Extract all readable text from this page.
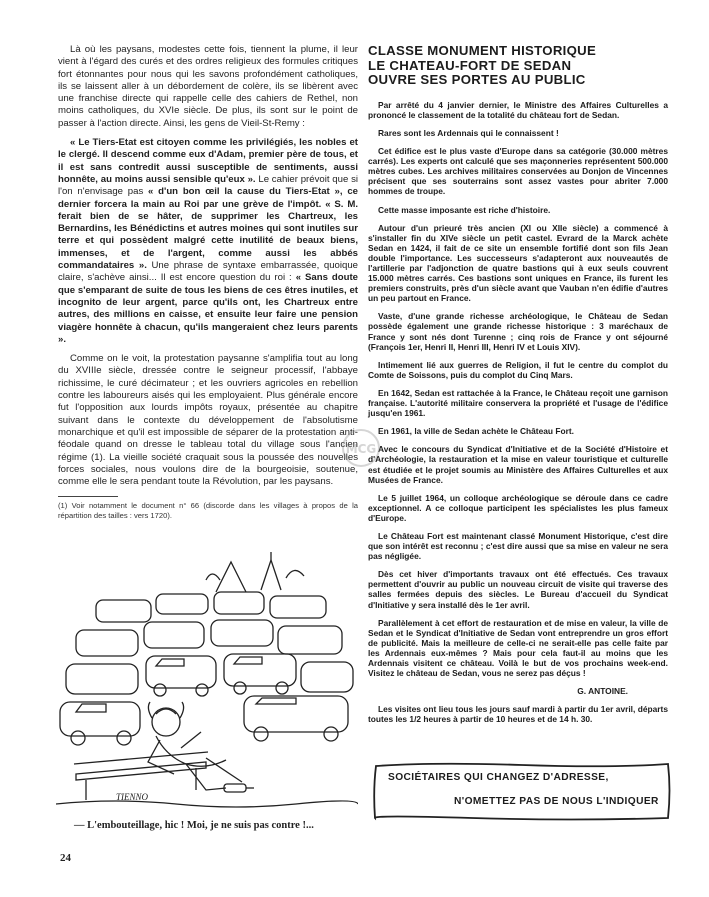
Là où les paysans, modestes cette fois, tiennent la plume, il leur vient à l'égard des curés et des ordres religieux des formules critiques fort étonnantes pour nous qui les savons profondément catholiques, ils se laissent aller à un débordement de colère, ils se libèrent avec une franchise directe qui rappelle celle des cahiers de Rethel, non moins catholiques, du XVIe siècle. De plus, ils sont sur le point de passer à l'action directe. Ainsi, les gens de Vieil-St-Remy :

« Le Tiers-Etat est citoyen comme les privilégiés, les nobles et le clergé. Il descend comme eux d'Adam, premier père de tous, et il est sans contredit aussi susceptible de sentiments, aussi honnête, au moins aussi sensible qu'eux ». Le cahier prévoit que si l'on n'envisage pas « d'un bon œil la cause du Tiers-Etat », ce dernier forcera la main au Roi par une grève de l'impôt. « S. M. ferait bien de se hâter, de supprimer les Chartreux, les Bernardins, les Bénédictins et autres moines qui sont inutiles sur terre et qui possèdent malgré cette inutilité de beaux biens, immenses, et de l'argent, comme aussi les abbés commandataires ». Une phrase de syntaxe embarrassée, quoique claire, s'achève ainsi... Il est encore question du roi : « Sans doute que s'emparant de suite de tous les biens de ces êtres inutiles, et incognito de leur argent, parce qu'ils ont, les Chartreux entre autres, des millions en caisse, et ensuite leur faire une pension viagère honnête à chacun, qu'ils mangeraient chez leurs parents ».

Comme on le voit, la protestation paysanne s'amplifia tout au long du XVIIIe siècle, dressée contre le seigneur processif, l'abbaye richissime, le curé décimateur ; et les ouvriers agricoles en rebellion contre les laboureurs aisés qui les employaient. Plus générale encore fut l'opposition aux lourds impôts royaux, présentée au chapitre suivant dans le contexte du développement de l'absolutisme monarchique et qu'il est impossible de séparer de la protestation anti-féodale quand on dresse le tableau total du village sous l'ancien régime (1). La vieille société craquait sous la poussée des nouvelles forces sociales, nous voulons dire de la bourgeoisie, soutenue, comme elle le sera pendant toute la Révolution, par les paysans.

(1) Voir notamment le document n° 66 (discorde dans les villages à propos de la répartition des tailles : vers 1720).

TIENNO
— L'embouteillage, hic ! Moi, je ne suis pas contre !...
24
CLASSE MONUMENT HISTORIQUE
LE CHATEAU-FORT DE SEDAN
OUVRE SES PORTES AU PUBLIC

Par arrêté du 4 janvier dernier, le Ministre des Affaires Culturelles a prononcé le classement de la totalité du château fort de Sedan.

Rares sont les Ardennais qui le connaissent !

Cet édifice est le plus vaste d'Europe dans sa catégorie (30.000 mètres carrés). Les experts ont calculé que ses maçonneries représentent 500.000 mètres cubes. Les archives militaires conservées au Donjon de Vincennes précisent que ses souterrains sont assez vastes pour abriter 7.000 hommes de troupe.

Cette masse imposante est riche d'histoire.

Autour d'un prieuré très ancien (XI ou XIIe siècle) a commencé à s'installer fin du XIVe siècle un petit castel. Evrard de la Marck achète Sedan en 1424, il fait de ce site un ensemble fortifié dont son fils Jean double l'importance. Les successeurs s'adapteront aux nouveautés de l'artillerie par l'adjonction de quatre bastions qui à eux seuls couvrent 15.000 mètres carrés. Ces bastions sont uniques en France, ils furent les premiers construits, près d'un siècle avant que Vauban n'en édifie d'autres un peu partout en France.

Vaste, d'une grande richesse archéologique, le Château de Sedan possède également une grande richesse historique : 3 maréchaux de France y sont nés dont Turenne ; cinq rois de France y ont séjourné (François 1er, Henri II, Henri III, Henri IV et Louis XIV).

Intimement lié aux guerres de Religion, il fut le centre du complot du Comte de Soissons, puis du complot du Cinq Mars.

En 1642, Sedan est rattachée à la France, le Château reçoit une garnison française. L'autorité militaire conservera la propriété et l'usage de l'édifice jusqu'en 1961.

En 1961, la ville de Sedan achète le Château Fort.

Avec le concours du Syndicat d'Initiative et de la Société d'Histoire et d'Archéologie, la restauration et la mise en valeur touristique et culturelle est étudiée et le projet soumis au Ministère des Affaires Culturelles et aux Musées de France.

Le 5 juillet 1964, un colloque archéologique se déroule dans ce cadre exceptionnel. A ce colloque participent les spécialistes les plus fameux d'Europe.

Le Château Fort est maintenant classé Monument Historique, c'est dire que son intérêt est reconnu ; c'est dire aussi que sa mise en valeur ne sera pas négligée.

Dès cet hiver d'importants travaux ont été effectués. Ces travaux permettent d'ouvrir au public un nouveau circuit de visite qui traverse des salles fermées depuis des siècles. Le Bureau d'accueil du Syndicat d'Initiative y sera installé dès le 1er avril.

Parallèlement à cet effort de restauration et de mise en valeur, la ville de Sedan et le Syndicat d'Initiative de Sedan vont entreprendre un gros effort de publicité. Mais la meilleure de celle-ci ne serait-elle pas celle faite par les Ardennais eux-mêmes ? Mais pour cela faut-il au moins que les Ardennais visitent ce château. Voilà le but de vos prochains week-end. Visitez le château de Sedan, vous ne serez pas déçus !

G. ANTOINE.

Les visites ont lieu tous les jours sauf mardi à partir du 1er avril, départs toutes les 1/2 heures à partir de 10 heures et de 14 h. 30.

SOCIÉTAIRES QUI CHANGEZ D'ADRESSE,
N'OMETTEZ PAS DE NOUS L'INDIQUER
MCG
